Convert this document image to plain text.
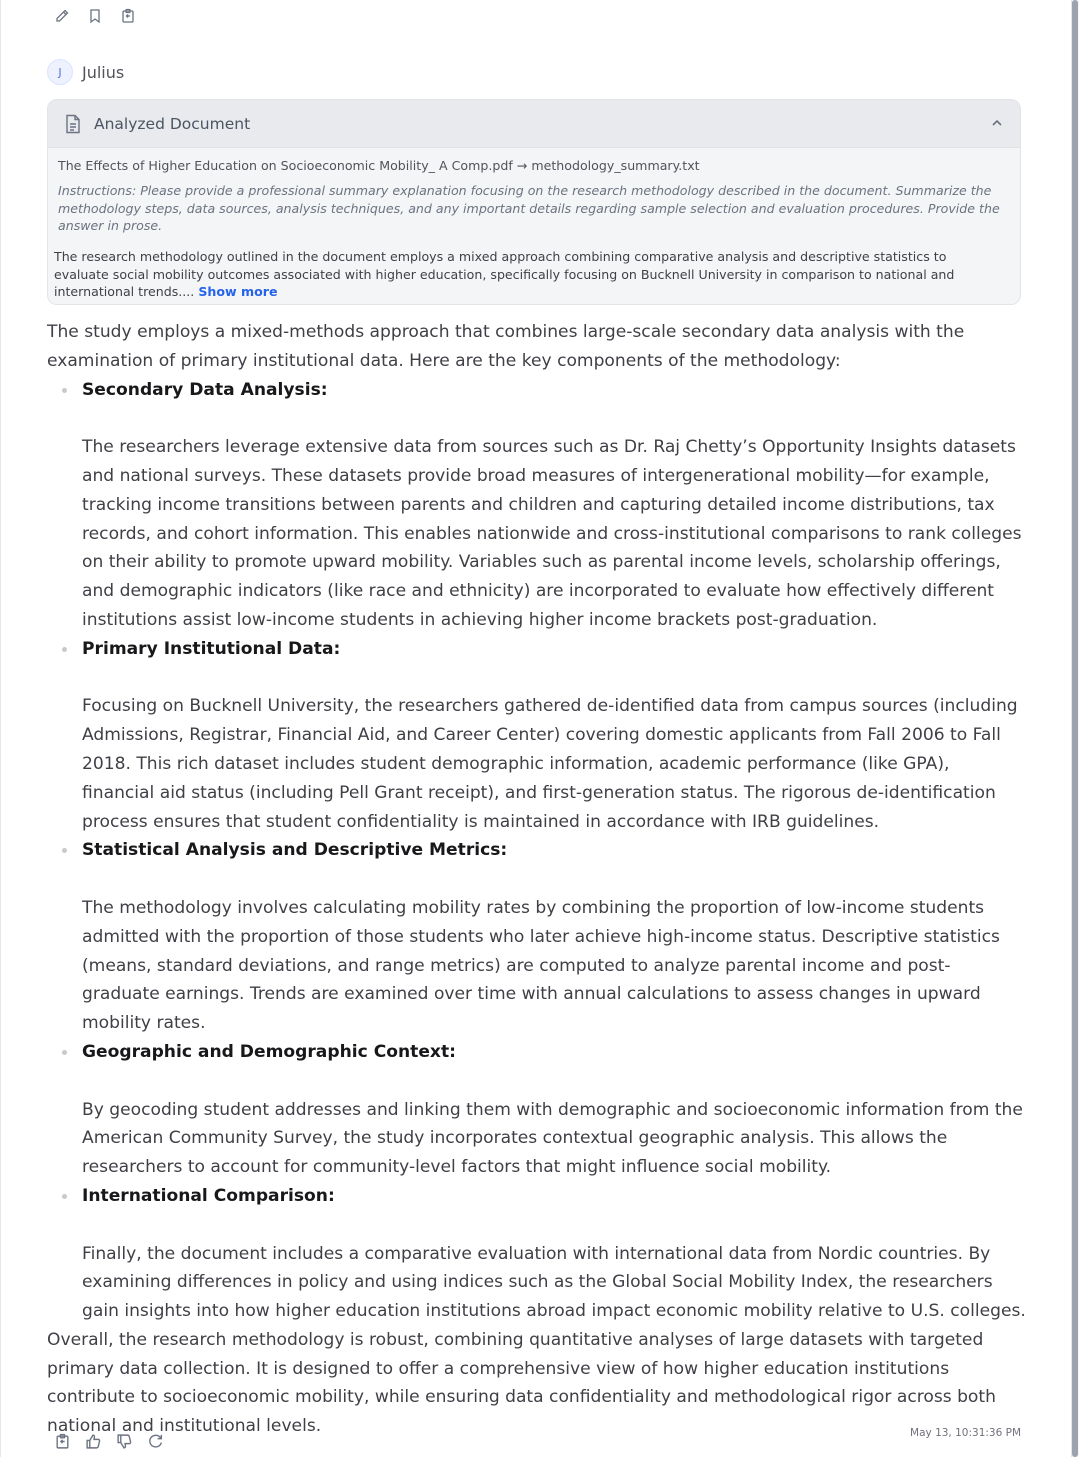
J	Julius
Analyzed Document
The Effects of Higher Education on Socioeconomic Mobility_ A Comp.pdf → methodology_summary.txt
Instructions: Please provide a professional summary explanation focusing on the research methodology described in the document. Summarize the methodology steps, data sources, analysis techniques, and any important details regarding sample selection and evaluation procedures. Provide the answer in prose.
The research methodology outlined in the document employs a mixed approach combining comparative analysis and descriptive statistics to evaluate social mobility outcomes associated with higher education, specifically focusing on Bucknell University in comparison to national and international trends.... Show more

The study employs a mixed-methods approach that combines large-scale secondary data analysis with the examination of primary institutional data. Here are the key components of the methodology:

Secondary Data Analysis:
The researchers leverage extensive data from sources such as Dr. Raj Chetty’s Opportunity Insights datasets and national surveys. These datasets provide broad measures of intergenerational mobility—for example, tracking income transitions between parents and children and capturing detailed income distributions, tax records, and cohort information. This enables nationwide and cross-institutional comparisons to rank colleges on their ability to promote upward mobility. Variables such as parental income levels, scholarship offerings, and demographic indicators (like race and ethnicity) are incorporated to evaluate how effectively different institutions assist low-income students in achieving higher income brackets post-graduation.
Primary Institutional Data:
Focusing on Bucknell University, the researchers gathered de-identified data from campus sources (including Admissions, Registrar, Financial Aid, and Career Center) covering domestic applicants from Fall 2006 to Fall 2018. This rich dataset includes student demographic information, academic performance (like GPA), financial aid status (including Pell Grant receipt), and first-generation status. The rigorous de-identification process ensures that student confidentiality is maintained in accordance with IRB guidelines.
Statistical Analysis and Descriptive Metrics:
The methodology involves calculating mobility rates by combining the proportion of low-income students admitted with the proportion of those students who later achieve high-income status. Descriptive statistics (means, standard deviations, and range metrics) are computed to analyze parental income and post-graduate earnings. Trends are examined over time with annual calculations to assess changes in upward mobility rates.
Geographic and Demographic Context:
By geocoding student addresses and linking them with demographic and socioeconomic information from the American Community Survey, the study incorporates contextual geographic analysis. This allows the researchers to account for community-level factors that might influence social mobility.
International Comparison:
Finally, the document includes a comparative evaluation with international data from Nordic countries. By examining differences in policy and using indices such as the Global Social Mobility Index, the researchers gain insights into how higher education institutions abroad impact economic mobility relative to U.S. colleges.

Overall, the research methodology is robust, combining quantitative analyses of large datasets with targeted primary data collection. It is designed to offer a comprehensive view of how higher education institutions contribute to socioeconomic mobility, while ensuring data confidentiality and methodological rigor across both national and institutional levels.	May 13, 10:31:36 PM
